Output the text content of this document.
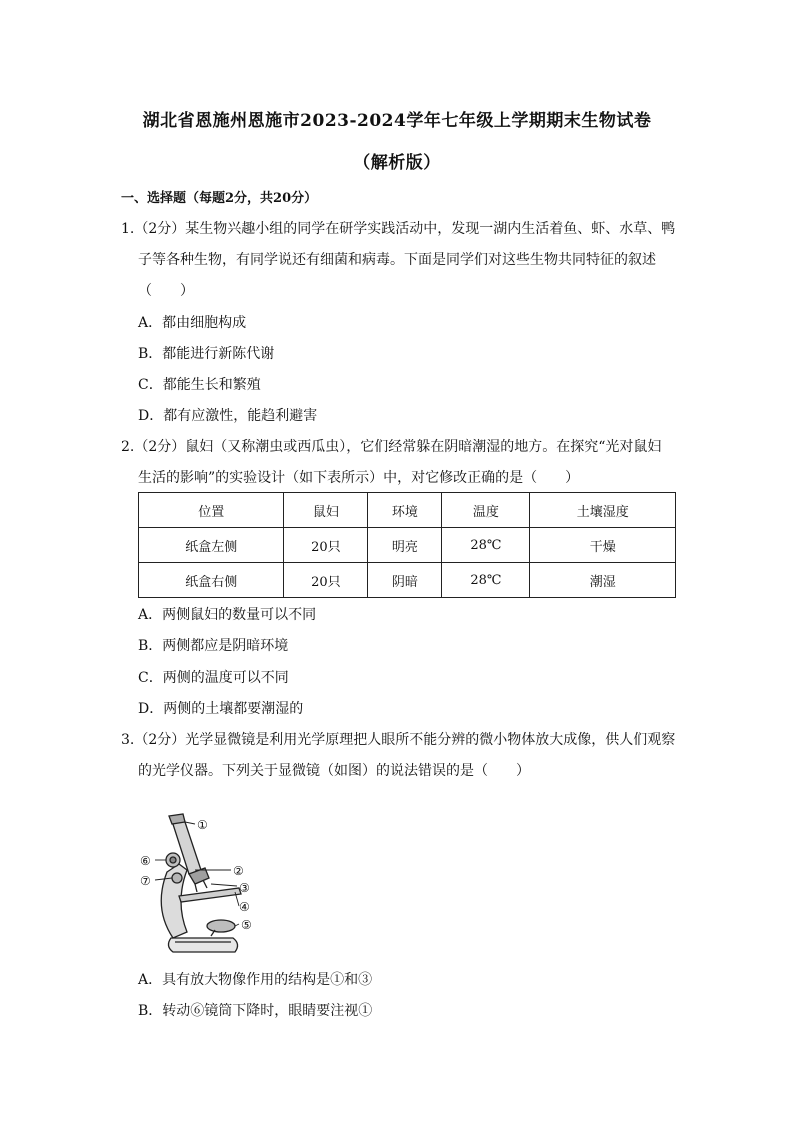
湖北省恩施州恩施市2023-2024学年七年级上学期期末生物试卷
（解析版）
一、选择题（每题2分，共20分）
1.（2分）某生物兴趣小组的同学在研学实践活动中，发现一湖内生活着鱼、虾、水草、鸭
子等各种生物，有同学说还有细菌和病毒。下面是同学们对这些生物共同特征的叙述
（　　）
A．都由细胞构成
B．都能进行新陈代谢
C．都能生长和繁殖
D．都有应激性，能趋利避害
2.（2分）鼠妇（又称潮虫或西瓜虫），它们经常躲在阴暗潮湿的地方。在探究“光对鼠妇
生活的影响”的实验设计（如下表所示）中，对它修改正确的是（　　）
位置	鼠妇	环境	温度	土壤湿度
纸盒左侧	20只	明亮	28℃	干燥
纸盒右侧	20只	阴暗	28℃	潮湿
A．两侧鼠妇的数量可以不同
B．两侧都应是阴暗环境
C．两侧的温度可以不同
D．两侧的土壤都要潮湿的
3.（2分）光学显微镜是利用光学原理把人眼所不能分辨的微小物体放大成像，供人们观察
的光学仪器。下列关于显微镜（如图）的说法错误的是（　　）
①
②
③
④
⑤
⑥
⑦
A．具有放大物像作用的结构是①和③
B．转动⑥镜筒下降时，眼睛要注视①
